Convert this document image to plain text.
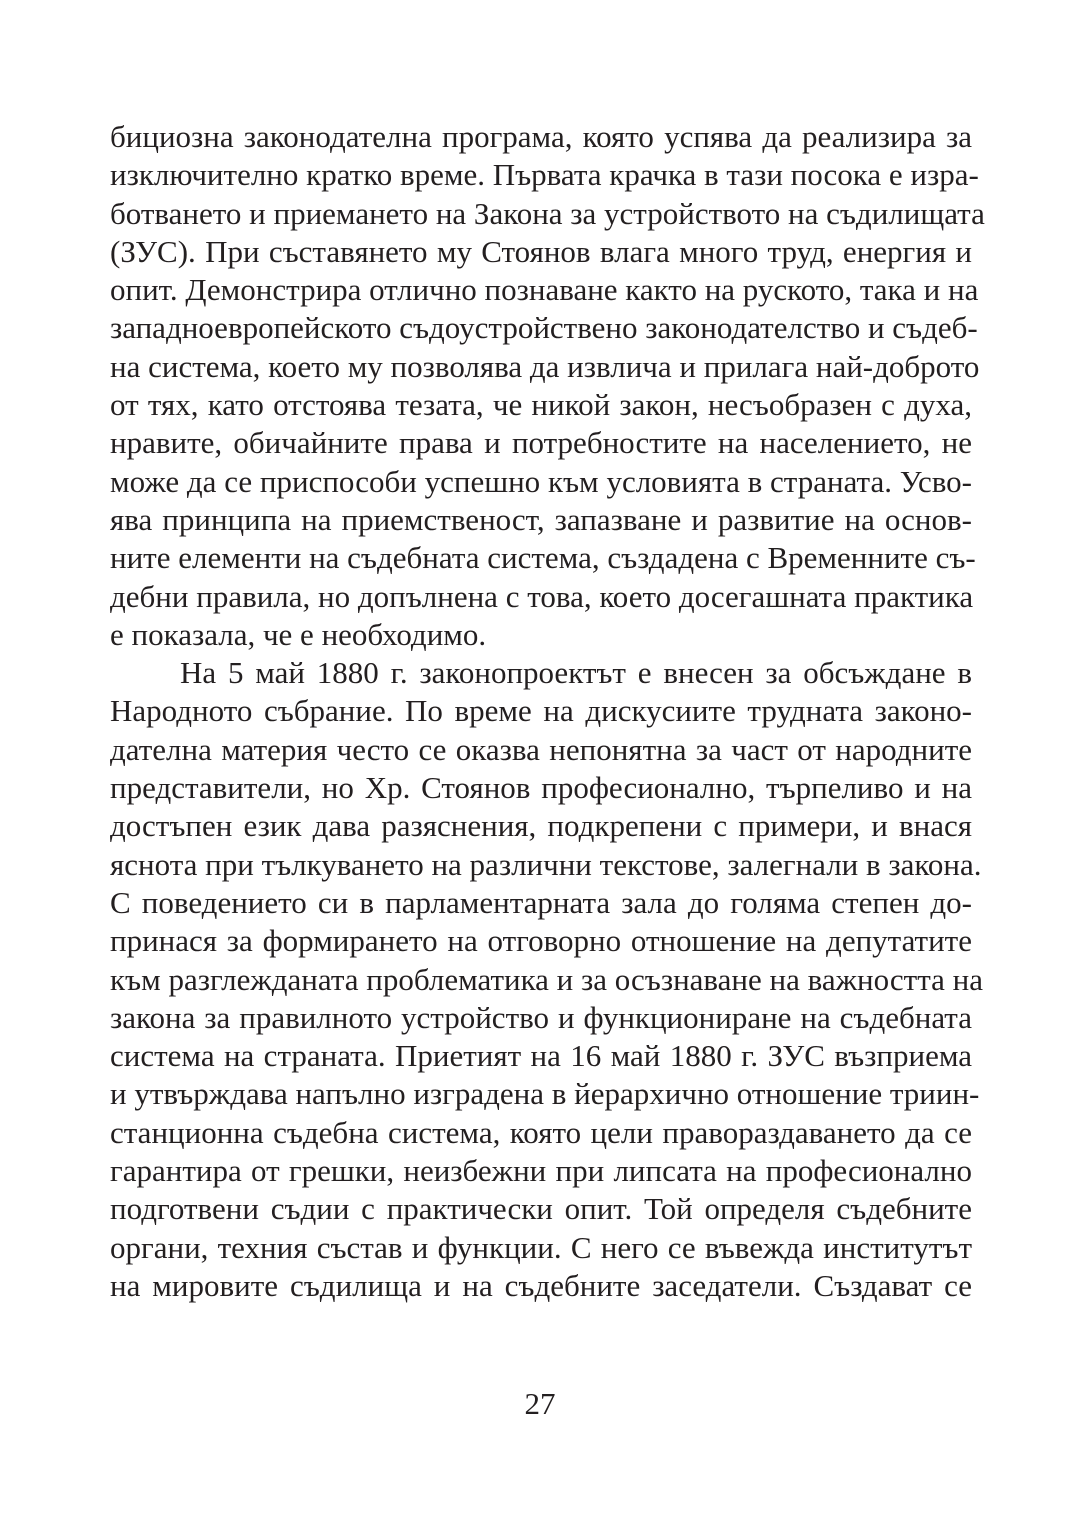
бициозна законодателна програма, която успява да реализира за
изключително кратко време. Първата крачка в тази посока е изра-
ботването и приемането на Закона за устройството на съдилищата
(ЗУС). При съставянето му Стоянов влага много труд, енергия и
опит. Демонстрира отлично познаване както на руското, така и на
западноевропейското съдоустройствено законодателство и съдеб-
на система, което му позволява да извлича и прилага най-доброто
от тях, като отстоява тезата, че никой закон, несъобразен с духа,
нравите, обичайните права и потребностите на населението, не
може да се приспособи успешно към условията в страната. Усво-
ява принципа на приемственост, запазване и развитие на основ-
ните елементи на съдебната система, създадена с Временните съ-
дебни правила, но допълнена с това, което досегашната практика
е показала, че е необходимо.
На 5 май 1880 г. законопроектът е внесен за обсъждане в
Народното събрание. По време на дискусиите трудната законо-
дателна материя често се оказва непонятна за част от народните
представители, но Хр. Стоянов професионално, търпеливо и на
достъпен език дава разяснения, подкрепени с примери, и внася
яснота при тълкуването на различни текстове, залегнали в закона.
С поведението си в парламентарната зала до голяма степен до-
принася за формирането на отговорно отношение на депутатите
към разглежданата проблематика и за осъзнаване на важността на
закона за правилното устройство и функциониране на съдебната
система на страната. Приетият на 16 май 1880 г. ЗУС възприема
и утвърждава напълно изградена в йерархично отношение триин-
станционна съдебна система, която цели правораздаването да се
гарантира от грешки, неизбежни при липсата на професионално
подготвени съдии с практически опит. Той определя съдебните
органи, техния състав и функции. С него се въвежда институтът
на мировите съдилища и на съдебните заседатели. Създават се
27
